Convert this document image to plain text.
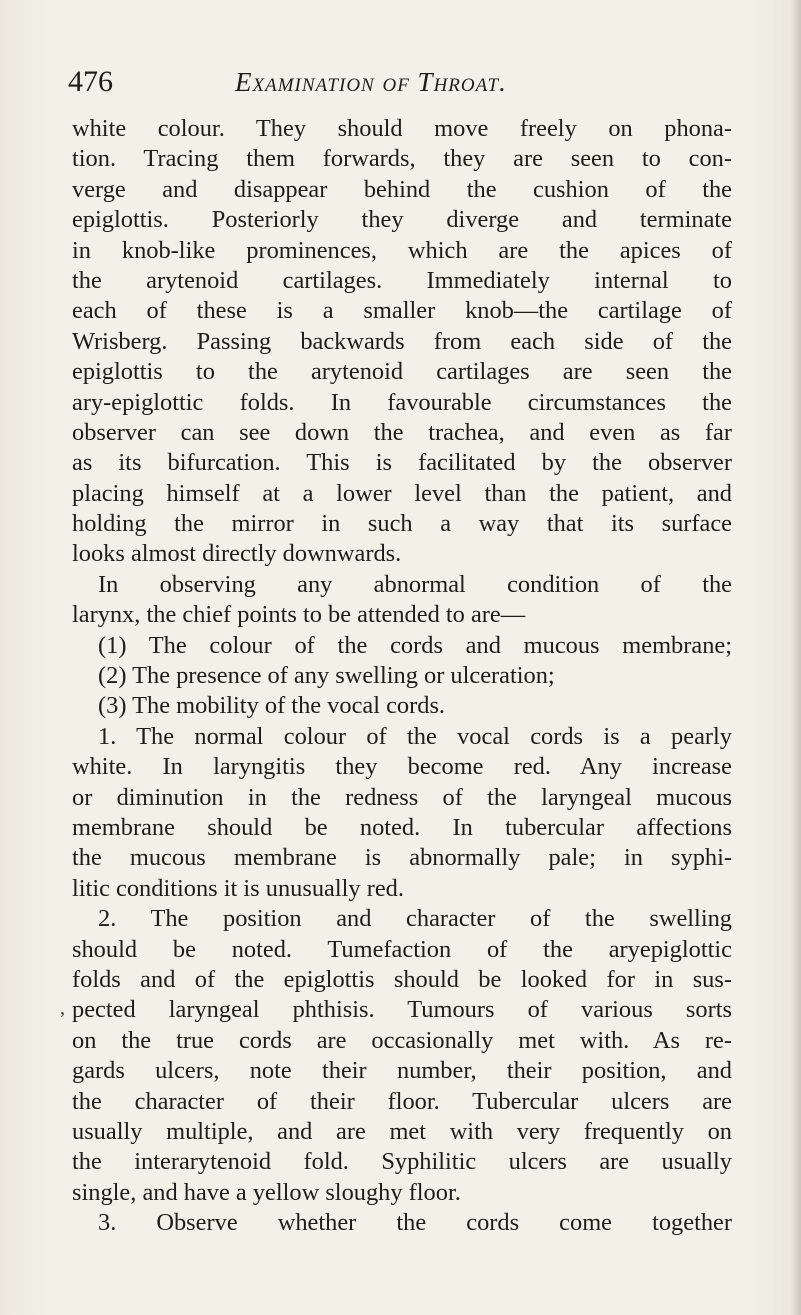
476	Examination of Throat.
white colour. They should move freely on phona-
tion. Tracing them forwards, they are seen to con-
verge and disappear behind the cushion of the
epiglottis. Posteriorly they diverge and terminate
in knob-like prominences, which are the apices of
the arytenoid cartilages. Immediately internal to
each of these is a smaller knob—the cartilage of
Wrisberg. Passing backwards from each side of the
epiglottis to the arytenoid cartilages are seen the
ary-epiglottic folds. In favourable circumstances the
observer can see down the trachea, and even as far
as its bifurcation. This is facilitated by the observer
placing himself at a lower level than the patient, and
holding the mirror in such a way that its surface
looks almost directly downwards.
In observing any abnormal condition of the
larynx, the chief points to be attended to are—
(1) The colour of the cords and mucous membrane;
(2) The presence of any swelling or ulceration;
(3) The mobility of the vocal cords.
1. The normal colour of the vocal cords is a pearly
white. In laryngitis they become red. Any increase
or diminution in the redness of the laryngeal mucous
membrane should be noted. In tubercular affections
the mucous membrane is abnormally pale; in syphi-
litic conditions it is unusually red.
2. The position and character of the swelling
should be noted. Tumefaction of the aryepiglottic
folds and of the epiglottis should be looked for in sus-
pected laryngeal phthisis. Tumours of various sorts
on the true cords are occasionally met with. As re-
gards ulcers, note their number, their position, and
the character of their floor. Tubercular ulcers are
usually multiple, and are met with very frequently on
the interarytenoid fold. Syphilitic ulcers are usually
single, and have a yellow sloughy floor.
3. Observe whether the cords come together
,
